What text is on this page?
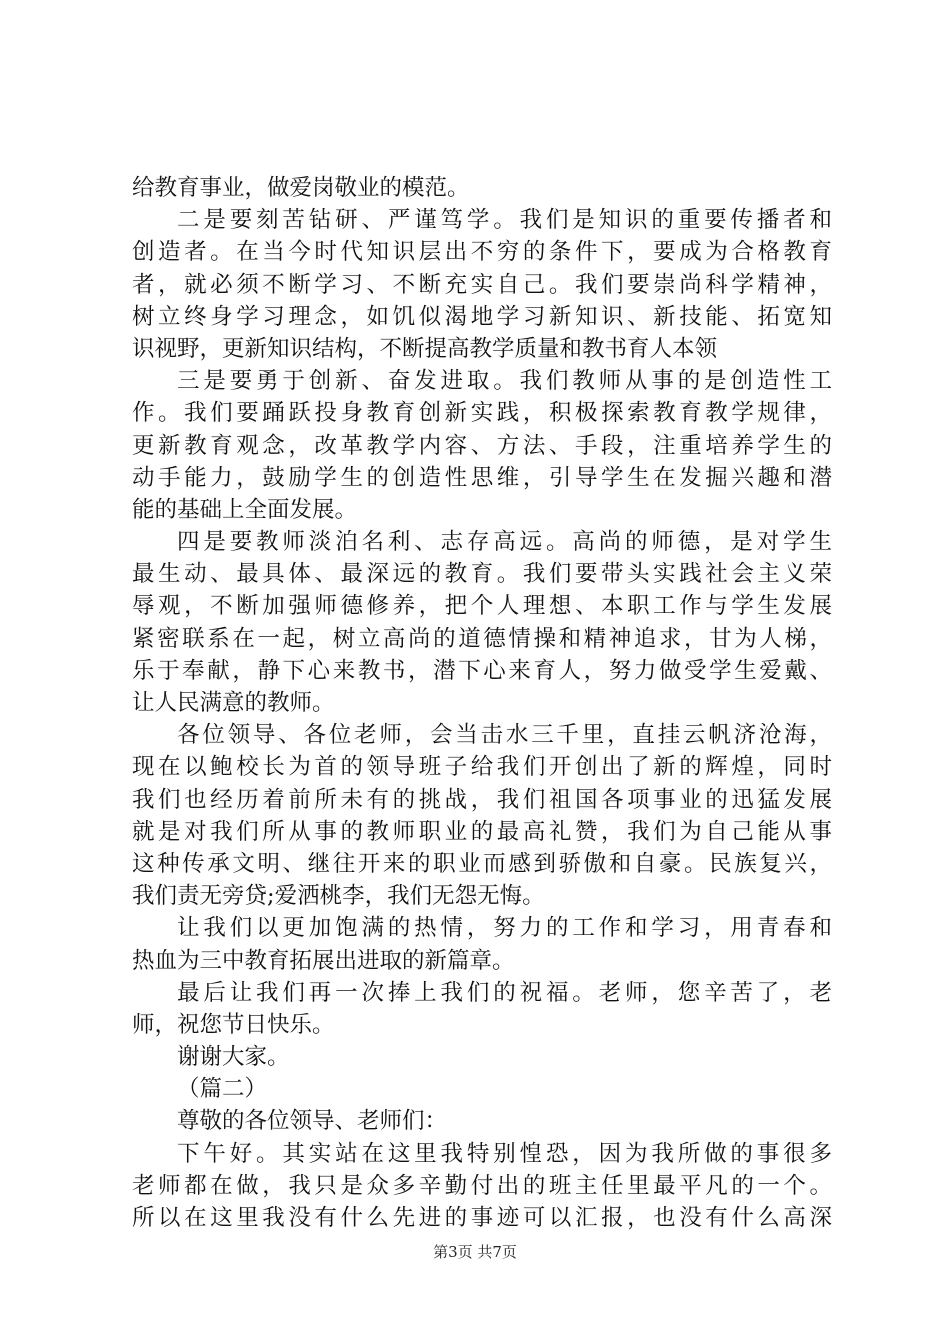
给教育事业，做爱岗敬业的模范。
二是要刻苦钻研、严谨笃学。我们是知识的重要传播者和
创造者。在当今时代知识层出不穷的条件下，要成为合格教育
者，就必须不断学习、不断充实自己。我们要崇尚科学精神，
树立终身学习理念，如饥似渴地学习新知识、新技能、拓宽知
识视野，更新知识结构，不断提高教学质量和教书育人本领
三是要勇于创新、奋发进取。我们教师从事的是创造性工
作。我们要踊跃投身教育创新实践，积极探索教育教学规律，
更新教育观念，改革教学内容、方法、手段，注重培养学生的
动手能力，鼓励学生的创造性思维，引导学生在发掘兴趣和潜
能的基础上全面发展。
四是要教师淡泊名利、志存高远。高尚的师德，是对学生
最生动、最具体、最深远的教育。我们要带头实践社会主义荣
辱观，不断加强师德修养，把个人理想、本职工作与学生发展
紧密联系在一起，树立高尚的道德情操和精神追求，甘为人梯，
乐于奉献，静下心来教书，潜下心来育人，努力做受学生爱戴、
让人民满意的教师。
各位领导、各位老师，会当击水三千里，直挂云帆济沧海，
现在以鲍校长为首的领导班子给我们开创出了新的辉煌，同时
我们也经历着前所未有的挑战，我们祖国各项事业的迅猛发展
就是对我们所从事的教师职业的最高礼赞，我们为自己能从事
这种传承文明、继往开来的职业而感到骄傲和自豪。民族复兴，
我们责无旁贷;爱洒桃李，我们无怨无悔。
让我们以更加饱满的热情，努力的工作和学习，用青春和
热血为三中教育拓展出进取的新篇章。
最后让我们再一次捧上我们的祝福。老师，您辛苦了，老
师，祝您节日快乐。
谢谢大家。
（篇二）
尊敬的各位领导、老师们：
下午好。其实站在这里我特别惶恐，因为我所做的事很多
老师都在做，我只是众多辛勤付出的班主任里最平凡的一个。
所以在这里我没有什么先进的事迹可以汇报，也没有什么高深
第3页 共7页
